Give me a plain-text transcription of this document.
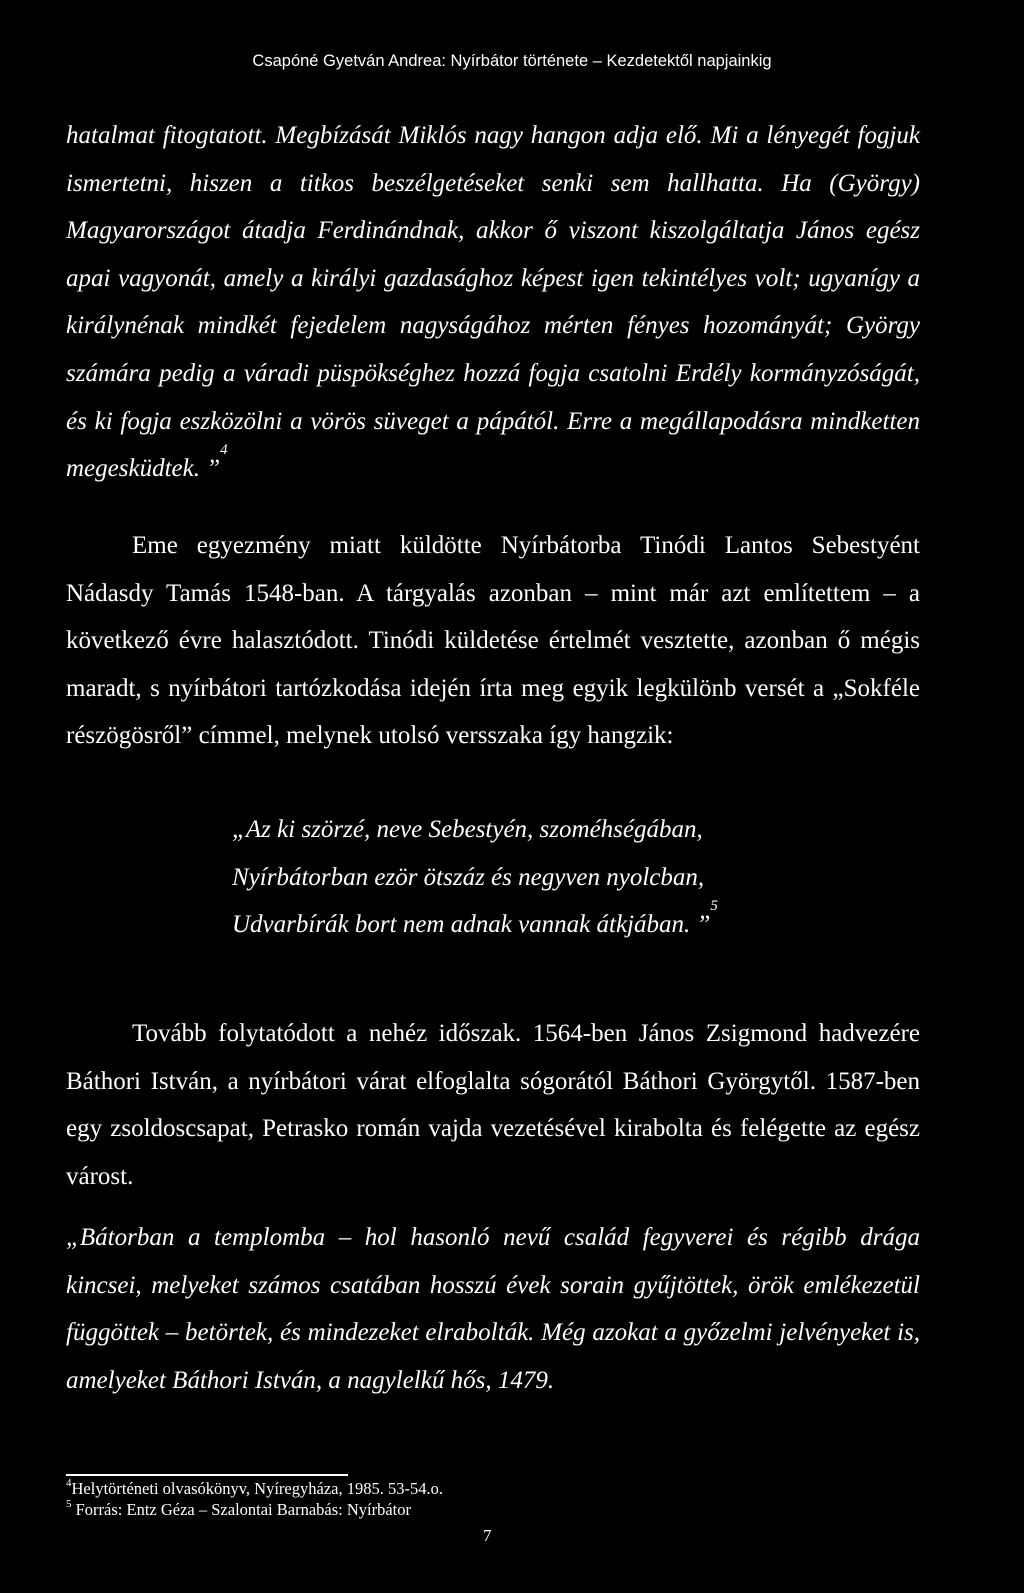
Csapóné Gyetván Andrea: Nyírbátor története – Kezdetektől napjainkig
hatalmat fitogtatott. Megbízását Miklós nagy hangon adja elő. Mi a lényegét fogjuk ismertetni, hiszen a titkos beszélgetéseket senki sem hallhatta. Ha (György) Magyarországot átadja Ferdinándnak, akkor ő viszont kiszolgáltatja János egész apai vagyonát, amely a királyi gazdasághoz képest igen tekintélyes volt; ugyanígy a királynénak mindkét fejedelem nagyságához mérten fényes hozományát; György számára pedig a váradi püspökséghez hozzá fogja csatolni Erdély kormányzóságát, és ki fogja eszközölni a vörös süveget a pápától. Erre a megállapodásra mindketten megesküdtek. ”$^4$
Eme egyezmény miatt küldötte Nyírbátorba Tinódi Lantos Sebestyént Nádasdy Tamás 1548-ban. A tárgyalás azonban – mint már azt említettem – a következő évre halasztódott. Tinódi küldetése értelmét vesztette, azonban ő mégis maradt, s nyírbátori tartózkodása idején írta meg egyik legkülönb versét a „Sokféle részögösről” címmel, melynek utolsó versszaka így hangzik:
„Az ki szörzé, neve Sebestyén, szoméhségában,
Nyírbátorban ezör ötszáz és negyven nyolcban,
Udvarbírák bort nem adnak vannak átkjában. ”$^5$
Tovább folytatódott a nehéz időszak. 1564-ben János Zsigmond hadvezére Báthori István, a nyírbátori várat elfoglalta sógorától Báthori Györgytől. 1587-ben egy zsoldoscsapat, Petrasko román vajda vezetésével kirabolta és felégette az egész várost.
„Bátorban a templomba – hol hasonló nevű család fegyverei és régibb drága kincsei, melyeket számos csatában hosszú évek sorain gyűjtöttek, örök emlékezetül függöttek – betörtek, és mindezeket elrabolták. Még azokat a győzelmi jelvényeket is, amelyeket Báthori István, a nagylelkű hős, 1479.
$^4$Helytörténeti olvasókönyv, Nyíregyháza, 1985. 53-54.o.
$^5$ Forrás: Entz Géza – Szalontai Barnabás: Nyírbátor
7
